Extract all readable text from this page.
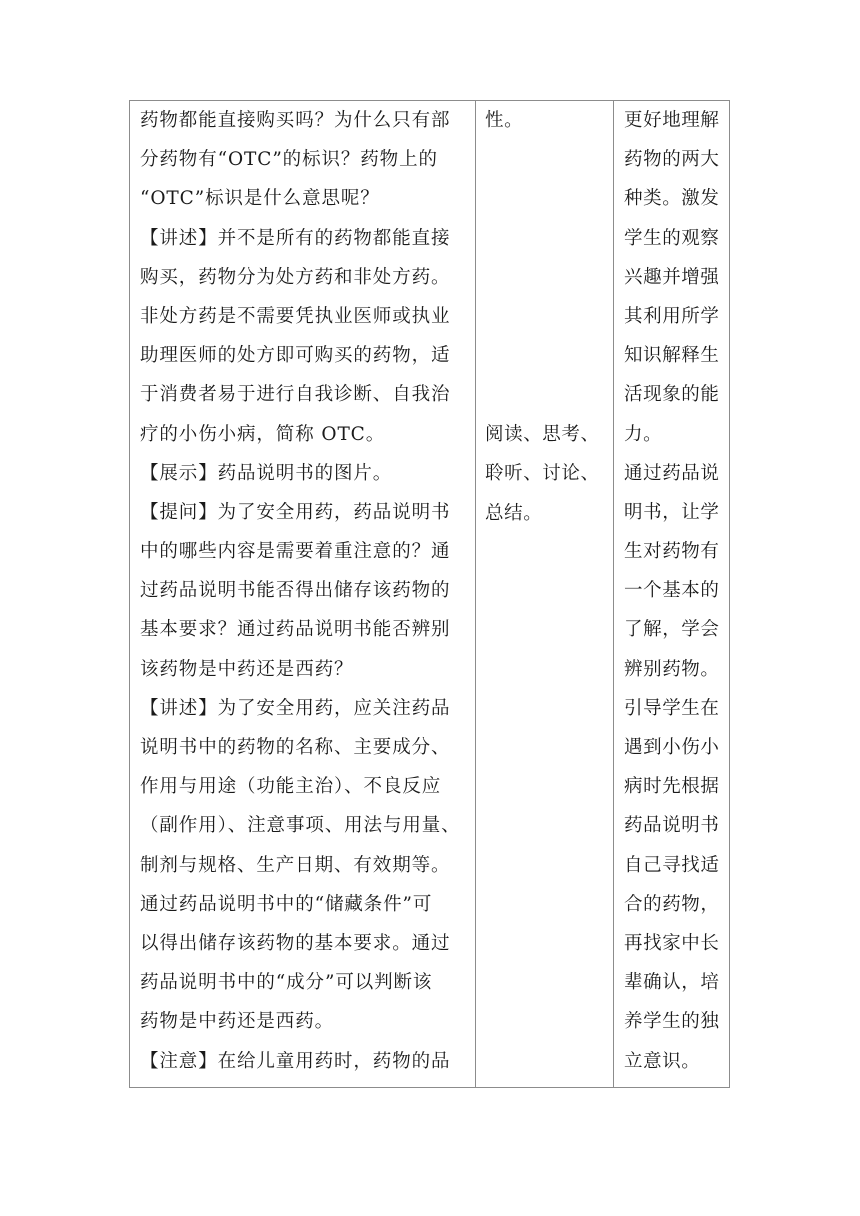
药物都能直接购买吗？为什么只有部
分药物有“OTC”的标识？药物上的
“OTC”标识是什么意思呢？
【讲述】并不是所有的药物都能直接
购买，药物分为处方药和非处方药。
非处方药是不需要凭执业医师或执业
助理医师的处方即可购买的药物，适
于消费者易于进行自我诊断、自我治
疗的小伤小病，简称 OTC。
【展示】药品说明书的图片。
【提问】为了安全用药，药品说明书
中的哪些内容是需要着重注意的？通
过药品说明书能否得出储存该药物的
基本要求？通过药品说明书能否辨别
该药物是中药还是西药？
【讲述】为了安全用药，应关注药品
说明书中的药物的名称、主要成分、
作用与用途（功能主治）、不良反应
（副作用）、注意事项、用法与用量、
制剂与规格、生产日期、有效期等。
通过药品说明书中的“储藏条件”可
以得出储存该药物的基本要求。通过
药品说明书中的“成分”可以判断该
药物是中药还是西药。
【注意】在给儿童用药时，药物的品
性。
阅读、思考、
聆听、讨论、
总结。
更好地理解
药物的两大
种类。激发
学生的观察
兴趣并增强
其利用所学
知识解释生
活现象的能
力。
通过药品说
明书，让学
生对药物有
一个基本的
了解，学会
辨别药物。
引导学生在
遇到小伤小
病时先根据
药品说明书
自己寻找适
合的药物，
再找家中长
辈确认，培
养学生的独
立意识。
